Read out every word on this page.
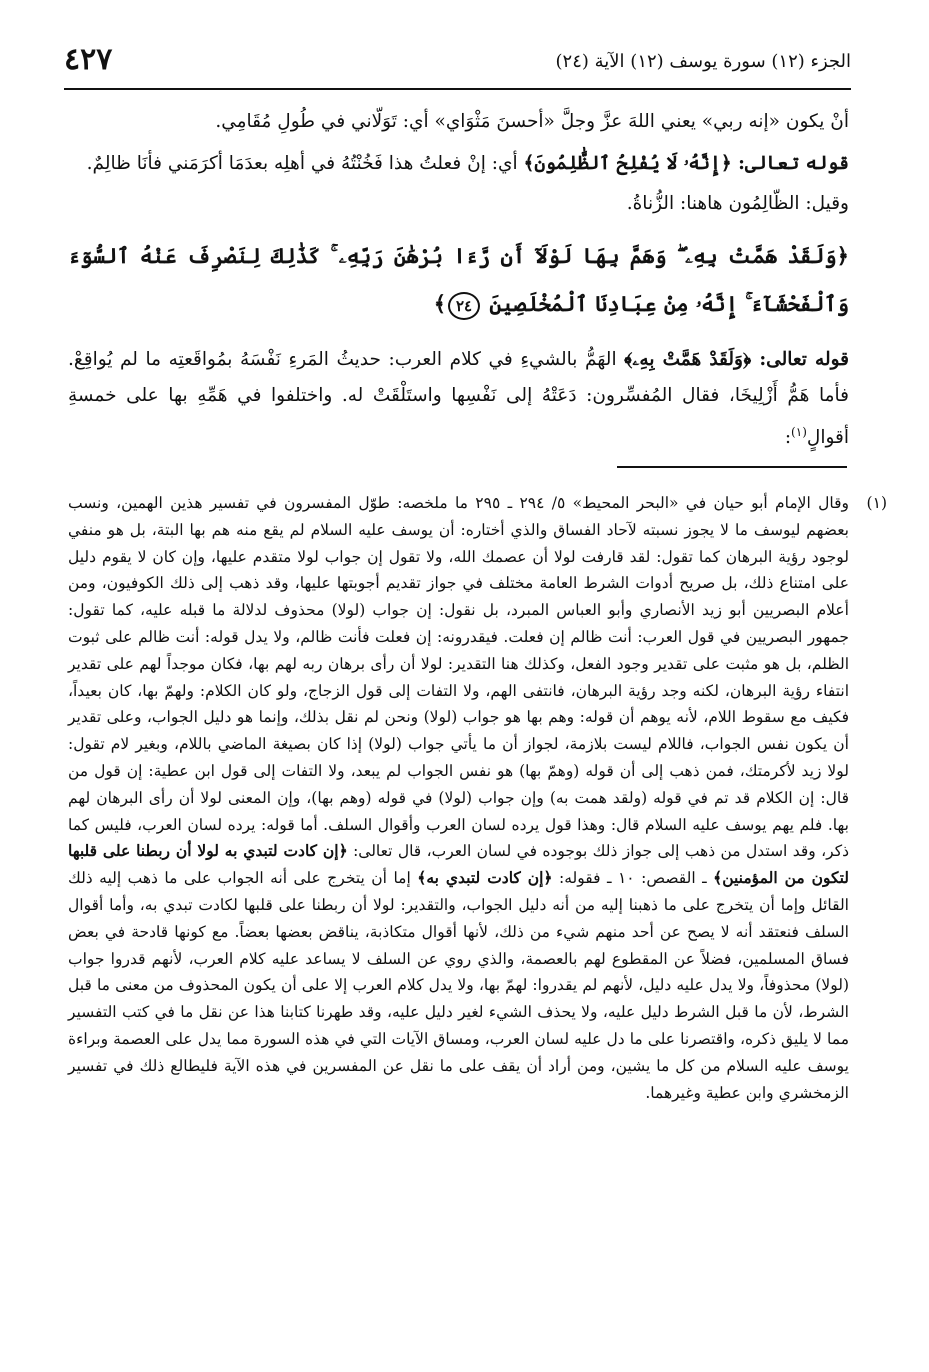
الجزء (١٢) سورة يوسف (١٢) الآية (٢٤)
٤٢٧

أنْ يكون «إنه ربي» يعني اللهَ عزَّ وجلَّ «أحسنَ مَثْوَاي» أي: تَوَلّاني في طُولِ مُقَامِي.

قوله تعالى: ﴿إِنَّهُۥ لَا يُفْلِحُ ٱلظَّٰلِمُونَ﴾ أي: إنْ فعلتُ هذا فَخُنْتُهُ في أهلِه بعدَمَا أكرَمَني فأنَا ظالِمٌ.

وقيل: الظّالِمُون هاهنا: الزُّناةُ.

﴿وَلَقَدْ هَمَّتْ بِهِۦ ۖ وَهَمَّ بِهَا لَوْلَآ أَن رَّءَا بُرْهَٰنَ رَبِّهِۦ ۚ كَذَٰلِكَ لِنَصْرِفَ عَنْهُ ٱلسُّوٓءَ وَٱلْفَحْشَآءَ ۚ إِنَّهُۥ مِنْ عِبَادِنَا ٱلْمُخْلَصِينَ ٢٤﴾

قوله تعالى: ﴿وَلَقَدْ هَمَّتْ بِهِۦ﴾ الهَمُّ بالشيءِ في كلام العرب: حديثُ المَرءِ نَفْسَهُ بمُواقَعتِه ما لم يُواقِعْ. فأما هَمُّ أَزْلِيخَا، فقال المُفسِّرون: دَعَتْهُ إلى نَفْسِها واستَلْقَتْ له. واختلفوا في هَمِّهِ بها على خمسةِ أقوالٍ$^{(١)}$:

(١)

وقال الإمام أبو حيان في «البحر المحيط» ٥/ ٢٩٤ ـ ٢٩٥ ما ملخصه: طوّل المفسرون في تفسير هذين الهمين، ونسب بعضهم ليوسف ما لا يجوز نسبته لآحاد الفساق والذي أختاره: أن يوسف عليه السلام لم يقع منه هم بها البتة، بل هو منفي لوجود رؤية البرهان كما تقول: لقد قارفت لولا أن عصمك الله، ولا تقول إن جواب لولا متقدم عليها، وإن كان لا يقوم دليل على امتناع ذلك، بل صريح أدوات الشرط العامة مختلف في جواز تقديم أجوبتها عليها، وقد ذهب إلى ذلك الكوفيون، ومن أعلام البصريين أبو زيد الأنصاري وأبو العباس المبرد، بل نقول: إن جواب (لولا) محذوف لدلالة ما قبله عليه، كما تقول: جمهور البصريين في قول العرب: أنت ظالم إن فعلت. فيقدرونه: إن فعلت فأنت ظالم، ولا يدل قوله: أنت ظالم على ثبوت الظلم، بل هو مثبت على تقدير وجود الفعل، وكذلك هنا التقدير: لولا أن رأى برهان ربه لهم بها، فكان موجداً لهم على تقدير انتفاء رؤية البرهان، لكنه وجد رؤية البرهان، فانتفى الهم، ولا التفات إلى قول الزجاج، ولو كان الكلام: ولهمّ بها، كان بعيداً، فكيف مع سقوط اللام، لأنه يوهم أن قوله: وهم بها هو جواب (لولا) ونحن لم نقل بذلك، وإنما هو دليل الجواب، وعلى تقدير أن يكون نفس الجواب، فاللام ليست بلازمة، لجواز أن ما يأتي جواب (لولا) إذا كان بصيغة الماضي باللام، وبغير لام تقول: لولا زيد لأكرمتك، فمن ذهب إلى أن قوله (وهمّ بها) هو نفس الجواب لم يبعد، ولا التفات إلى قول ابن عطية: إن قول من قال: إن الكلام قد تم في قوله (ولقد همت به) وإن جواب (لولا) في قوله (وهم بها)، وإن المعنى لولا أن رأى البرهان لهم بها. فلم يهم يوسف عليه السلام قال: وهذا قول يرده لسان العرب وأقوال السلف. أما قوله: يرده لسان العرب، فليس كما ذكر، وقد استدل من ذهب إلى جواز ذلك بوجوده في لسان العرب، قال تعالى: ﴿إن كادت لتبدي به لولا أن ربطنا على قلبها لتكون من المؤمنين﴾ ـ القصص: ١٠ ـ فقوله: ﴿إن كادت لتبدي به﴾ إما أن يتخرج على أنه الجواب على ما ذهب إليه ذلك القائل وإما أن يتخرج على ما ذهبنا إليه من أنه دليل الجواب، والتقدير: لولا أن ربطنا على قلبها لكادت تبدي به، وأما أقوال السلف فنعتقد أنه لا يصح عن أحد منهم شيء من ذلك، لأنها أقوال متكاذبة، يناقض بعضها بعضاً. مع كونها قادحة في بعض فساق المسلمين، فضلاً عن المقطوع لهم بالعصمة، والذي روي عن السلف لا يساعد عليه كلام العرب، لأنهم قدروا جواب (لولا) محذوفاً، ولا يدل عليه دليل، لأنهم لم يقدروا: لهمّ بها، ولا يدل كلام العرب إلا على أن يكون المحذوف من معنى ما قبل الشرط، لأن ما قبل الشرط دليل عليه، ولا يحذف الشيء لغير دليل عليه، وقد طهرنا كتابنا هذا عن نقل ما في كتب التفسير مما لا يليق ذكره، واقتصرنا على ما دل عليه لسان العرب، ومساق الآيات التي في هذه السورة مما يدل على العصمة وبراءة يوسف عليه السلام من كل ما يشين، ومن أراد أن يقف على ما نقل عن المفسرين في هذه الآية فليطالع ذلك في تفسير الزمخشري وابن عطية وغيرهما.
